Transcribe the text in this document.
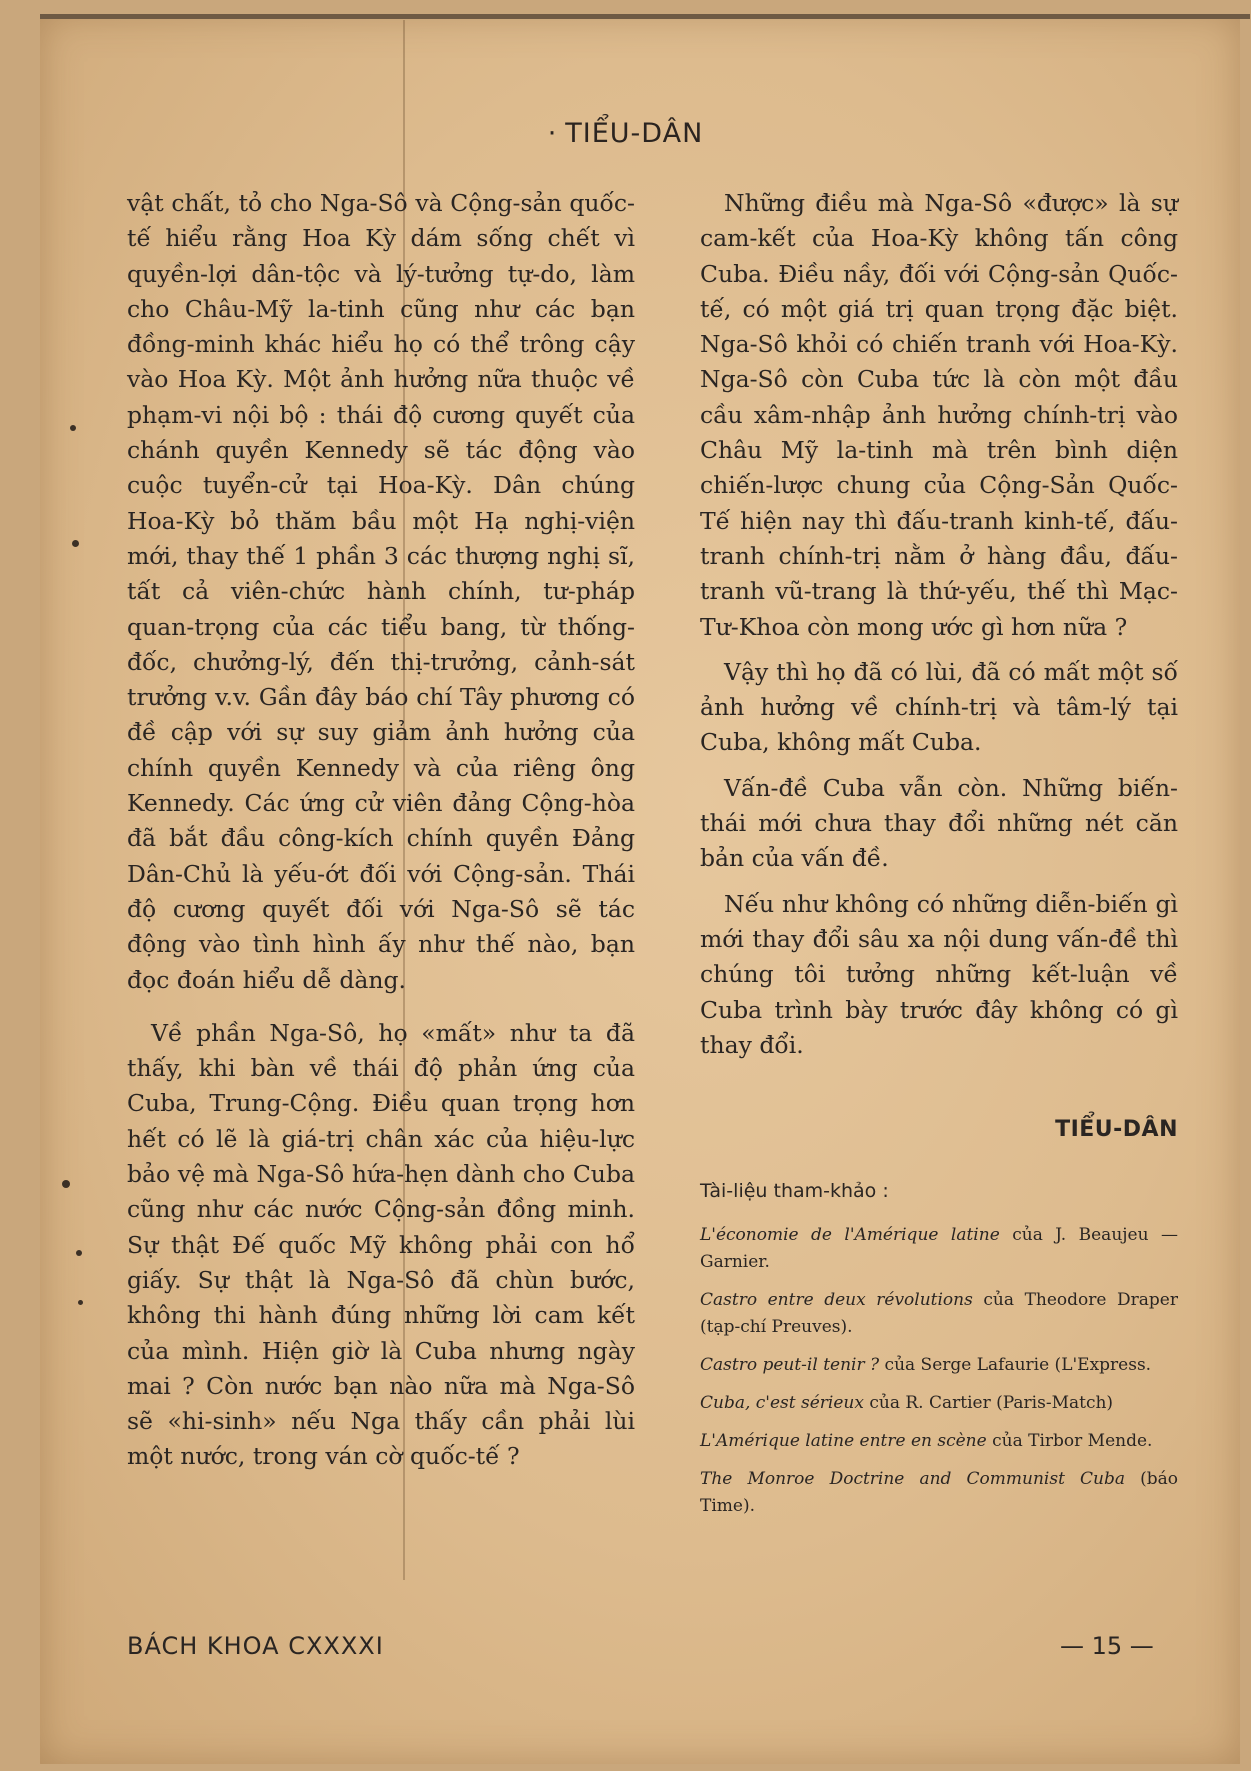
· TIỂU-DÂN

vật chất, tỏ cho Nga-Sô và Cộng-sản quốc-tế hiểu rằng Hoa Kỳ dám sống chết vì quyền-lợi dân-tộc và lý-tưởng tự-do, làm cho Châu-Mỹ la-tinh cũng như các bạn đồng-minh khác hiểu họ có thể trông cậy vào Hoa Kỳ. Một ảnh hưởng nữa thuộc về phạm-vi nội bộ : thái độ cương quyết của chánh quyền Kennedy sẽ tác động vào cuộc tuyển-cử tại Hoa-Kỳ. Dân chúng Hoa-Kỳ bỏ thăm bầu một Hạ nghị-viện mới, thay thế 1 phần 3 các thượng nghị sĩ, tất cả viên-chức hành chính, tư-pháp quan-trọng của các tiểu bang, từ thống-đốc, chưởng-lý, đến thị-trưởng, cảnh-sát trưởng v.v. Gần đây báo chí Tây phương có đề cập với sự suy giảm ảnh hưởng của chính quyền Kennedy và của riêng ông Kennedy. Các ứng cử viên đảng Cộng-hòa đã bắt đầu công-kích chính quyền Đảng Dân-Chủ là yếu-ớt đối với Cộng-sản. Thái độ cương quyết đối với Nga-Sô sẽ tác động vào tình hình ấy như thế nào, bạn đọc đoán hiểu dễ dàng.

Về phần Nga-Sô, họ «mất» như ta đã thấy, khi bàn về thái độ phản ứng của Cuba, Trung-Cộng. Điều quan trọng hơn hết có lẽ là giá-trị chân xác của hiệu-lực bảo vệ mà Nga-Sô hứa-hẹn dành cho Cuba cũng như các nước Cộng-sản đồng minh. Sự thật Đế quốc Mỹ không phải con hổ giấy. Sự thật là Nga-Sô đã chùn bước, không thi hành đúng những lời cam kết của mình. Hiện giờ là Cuba nhưng ngày mai ? Còn nước bạn nào nữa mà Nga-Sô sẽ «hi-sinh» nếu Nga thấy cần phải lùi một nước, trong ván cờ quốc-tế ?

Những điều mà Nga-Sô «được» là sự cam-kết của Hoa-Kỳ không tấn công Cuba. Điều nầy, đối với Cộng-sản Quốc-tế, có một giá trị quan trọng đặc biệt. Nga-Sô khỏi có chiến tranh với Hoa-Kỳ. Nga-Sô còn Cuba tức là còn một đầu cầu xâm-nhập ảnh hưởng chính-trị vào Châu Mỹ la-tinh mà trên bình diện chiến-lược chung của Cộng-Sản Quốc-Tế hiện nay thì đấu-tranh kinh-tế, đấu-tranh chính-trị nằm ở hàng đầu, đấu-tranh vũ-trang là thứ-yếu, thế thì Mạc-Tư-Khoa còn mong ước gì hơn nữa ?

Vậy thì họ đã có lùi, đã có mất một số ảnh hưởng về chính-trị và tâm-lý tại Cuba, không mất Cuba.

Vấn-đề Cuba vẫn còn. Những biến-thái mới chưa thay đổi những nét căn bản của vấn đề.

Nếu như không có những diễn-biến gì mới thay đổi sâu xa nội dung vấn-đề thì chúng tôi tưởng những kết-luận về Cuba trình bày trước đây không có gì thay đổi.

TIỂU-DÂN
Tài-liệu tham-khảo :
L'économie de l'Amérique latine của J. Beaujeu — Garnier.
Castro entre deux révolutions của Theodore Draper (tạp-chí Preuves).
Castro peut-il tenir ? của Serge Lafaurie (L'Express.
Cuba, c'est sérieux của R. Cartier (Paris-Match)
L'Amérique latine entre en scène của Tirbor Mende.
The Monroe Doctrine and Communist Cuba (báo Time).
BÁCH KHOA CXXXXI	— 15 —
